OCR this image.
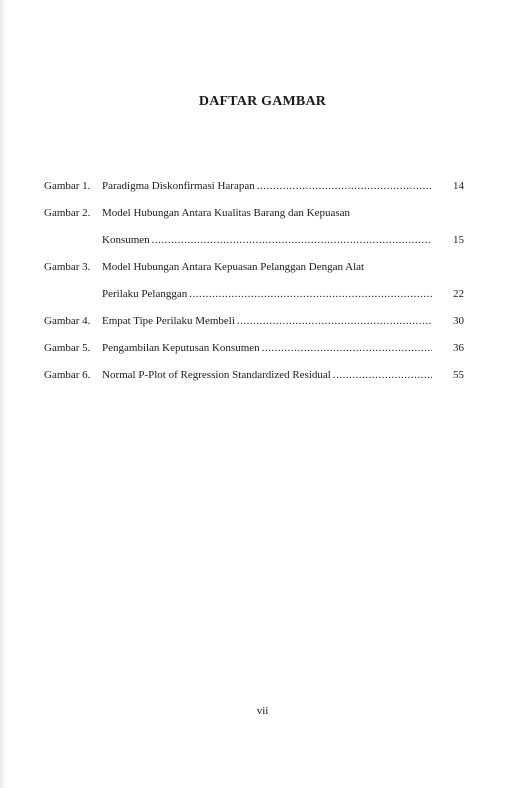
DAFTAR GAMBAR
Gambar 1.	Paradigma Diskonfirmasi Harapan .....	14
Gambar 2.	Model Hubungan Antara Kualitas Barang dan Kepuasan
Konsumen .....	15
Gambar 3.	Model Hubungan Antara Kepuasan Pelanggan Dengan Alat
Perilaku Pelanggan .....	22
Gambar 4.	Empat Tipe Perilaku Membeli .....	30
Gambar 5.	Pengambilan Keputusan Konsumen .....	36
Gambar 6.	Normal P-Plot of Regression Standardized Residual .....	55
vii
